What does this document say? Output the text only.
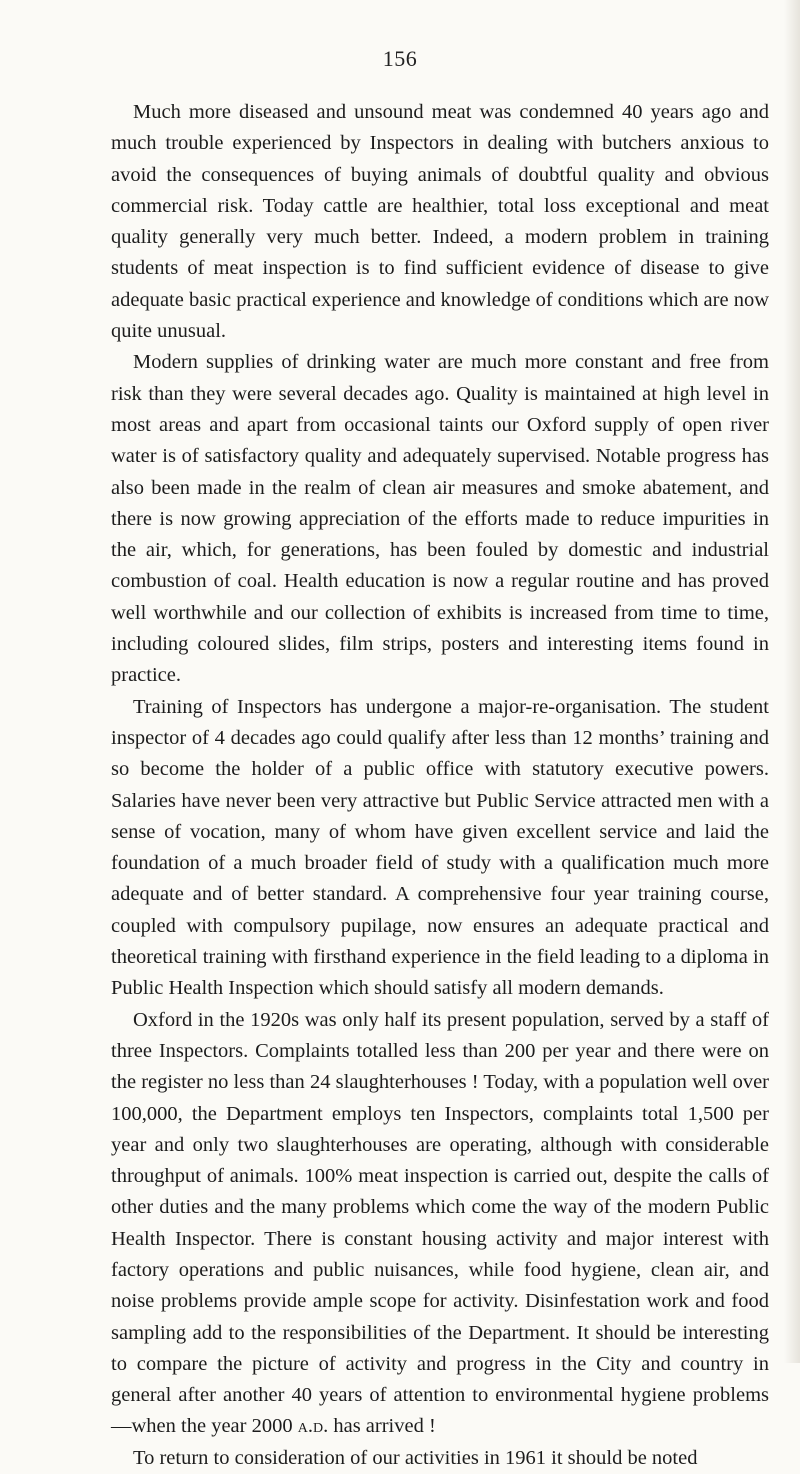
156

Much more diseased and unsound meat was condemned 40 years ago and much trouble experienced by Inspectors in dealing with butchers anxious to avoid the consequences of buying animals of doubtful quality and obvious commercial risk. Today cattle are healthier, total loss exceptional and meat quality generally very much better. Indeed, a modern problem in training students of meat inspection is to find sufficient evidence of disease to give adequate basic practical experience and knowledge of conditions which are now quite unusual.

Modern supplies of drinking water are much more constant and free from risk than they were several decades ago. Quality is maintained at high level in most areas and apart from occasional taints our Oxford supply of open river water is of satisfactory quality and adequately supervised. Notable progress has also been made in the realm of clean air measures and smoke abatement, and there is now growing appreciation of the efforts made to reduce impurities in the air, which, for generations, has been fouled by domestic and industrial combustion of coal. Health education is now a regular routine and has proved well worthwhile and our collection of exhibits is increased from time to time, including coloured slides, film strips, posters and interesting items found in practice.

Training of Inspectors has undergone a major-re-organisation. The student inspector of 4 decades ago could qualify after less than 12 months’ training and so become the holder of a public office with statutory executive powers. Salaries have never been very attractive but Public Service attracted men with a sense of vocation, many of whom have given excellent service and laid the foundation of a much broader field of study with a qualification much more adequate and of better standard. A comprehensive four year training course, coupled with compulsory pupilage, now ensures an adequate practical and theoretical training with firsthand experience in the field leading to a diploma in Public Health Inspection which should satisfy all modern demands.

Oxford in the 1920s was only half its present population, served by a staff of three Inspectors. Complaints totalled less than 200 per year and there were on the register no less than 24 slaughterhouses ! Today, with a population well over 100,000, the Department employs ten Inspectors, complaints total 1,500 per year and only two slaughterhouses are operating, although with considerable throughput of animals. 100% meat inspection is carried out, despite the calls of other duties and the many problems which come the way of the modern Public Health Inspector. There is constant housing activity and major interest with factory operations and public nuisances, while food hygiene, clean air, and noise problems provide ample scope for activity. Disinfestation work and food sampling add to the responsibilities of the Department. It should be interesting to compare the picture of activity and progress in the City and country in general after another 40 years of attention to environmental hygiene problems—when the year 2000 a.d. has arrived !

To return to consideration of our activities in 1961 it should be noted
